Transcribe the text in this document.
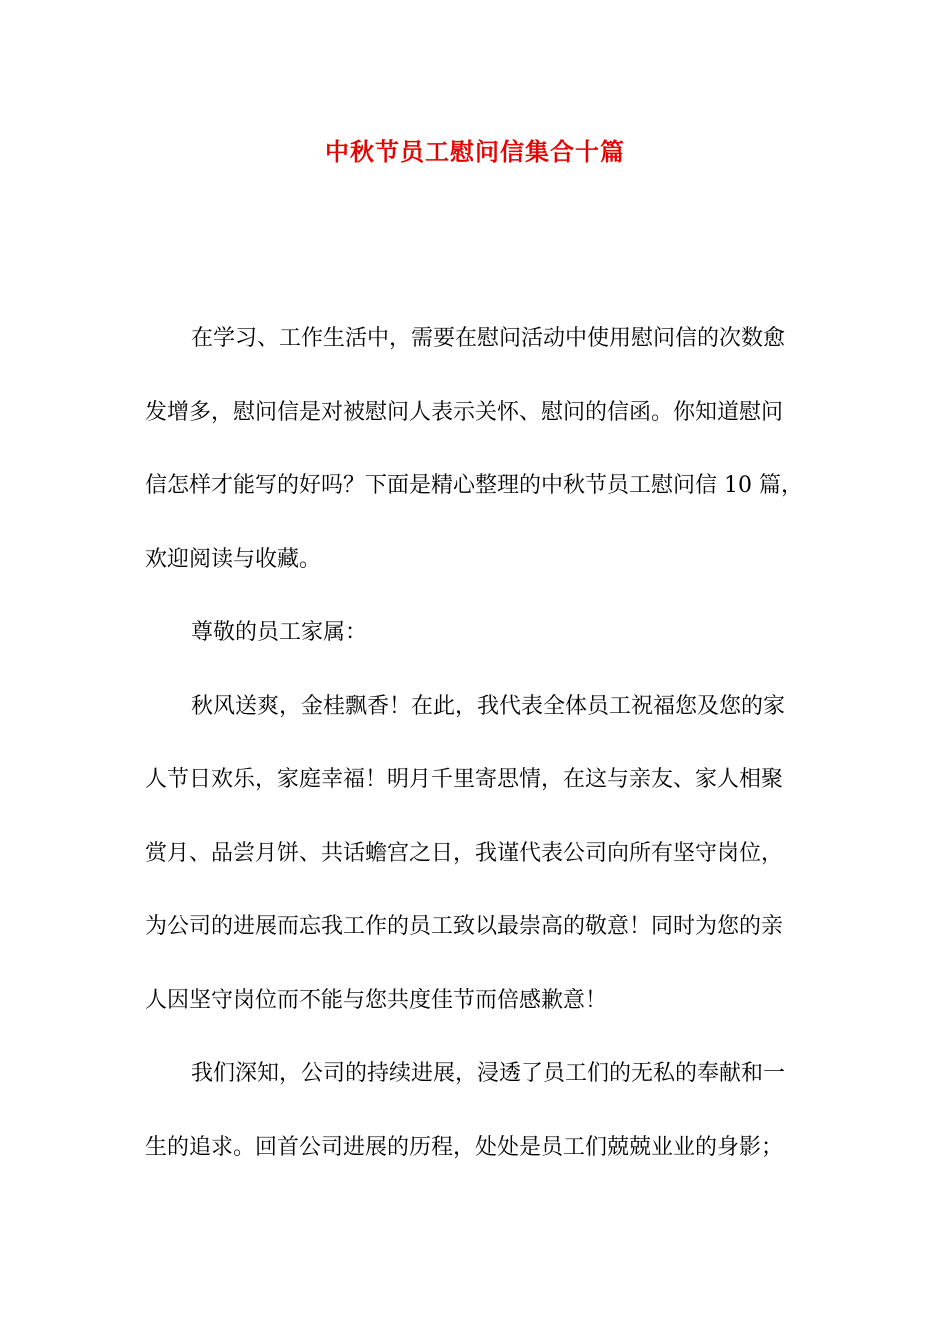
中秋节员工慰问信集合十篇
在学习、工作生活中，需要在慰问活动中使用慰问信的次数愈
发增多，慰问信是对被慰问人表示关怀、慰问的信函。你知道慰问
信怎样才能写的好吗？下面是精心整理的中秋节员工慰问信 10 篇，
欢迎阅读与收藏。
尊敬的员工家属：
秋风送爽，金桂飘香！在此，我代表全体员工祝福您及您的家
人节日欢乐，家庭幸福！明月千里寄思情，在这与亲友、家人相聚
赏月、品尝月饼、共话蟾宫之日，我谨代表公司向所有坚守岗位，
为公司的进展而忘我工作的员工致以最崇高的敬意！同时为您的亲
人因坚守岗位而不能与您共度佳节而倍感歉意！
我们深知，公司的持续进展，浸透了员工们的无私的奉献和一
生的追求。回首公司进展的历程，处处是员工们兢兢业业的身影；
